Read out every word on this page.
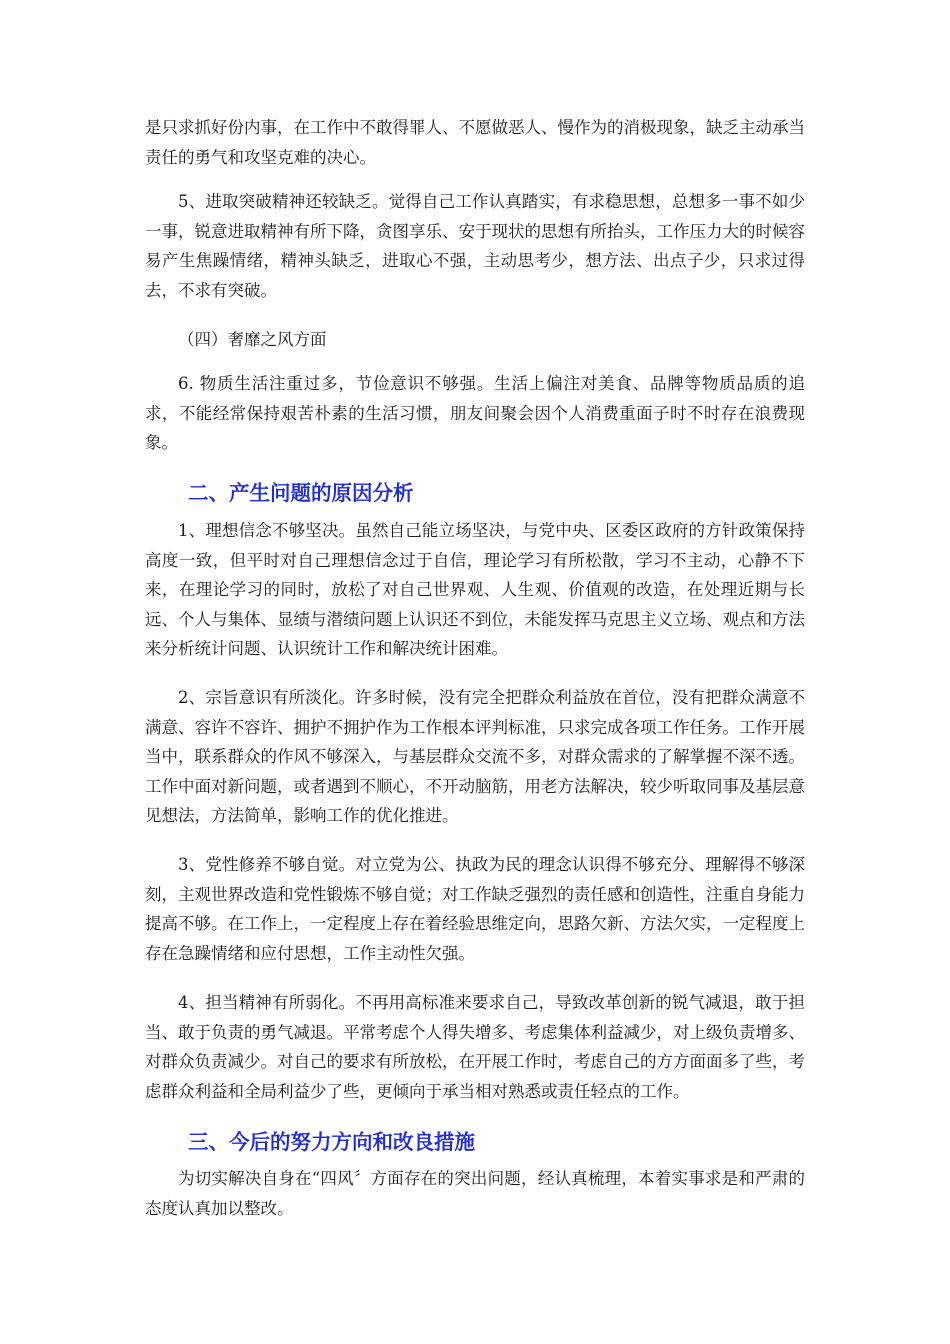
是只求抓好份内事，在工作中不敢得罪人、不愿做恶人、慢作为的消极现象，缺乏主动承当责任的勇气和攻坚克难的决心。

5、进取突破精神还较缺乏。觉得自己工作认真踏实，有求稳思想，总想多一事不如少一事，锐意进取精神有所下降，贪图享乐、安于现状的思想有所抬头，工作压力大的时候容易产生焦躁情绪，精神头缺乏，进取心不强，主动思考少，想方法、出点子少，只求过得去，不求有突破。

（四）奢靡之风方面

6. 物质生活注重过多，节俭意识不够强。生活上偏注对美食、品牌等物质品质的追求，不能经常保持艰苦朴素的生活习惯，朋友间聚会因个人消费重面子时不时存在浪费现象。

二、产生问题的原因分析

1、理想信念不够坚决。虽然自己能立场坚决，与党中央、区委区政府的方针政策保持高度一致，但平时对自己理想信念过于自信，理论学习有所松散，学习不主动，心静不下来，在理论学习的同时，放松了对自己世界观、人生观、价值观的改造，在处理近期与长远、个人与集体、显绩与潜绩问题上认识还不到位，未能发挥马克思主义立场、观点和方法来分析统计问题、认识统计工作和解决统计困难。

2、宗旨意识有所淡化。许多时候，没有完全把群众利益放在首位，没有把群众满意不满意、容许不容许、拥护不拥护作为工作根本评判标准，只求完成各项工作任务。工作开展当中，联系群众的作风不够深入，与基层群众交流不多，对群众需求的了解掌握不深不透。工作中面对新问题，或者遇到不顺心，不开动脑筋，用老方法解决，较少听取同事及基层意见想法，方法简单，影响工作的优化推进。

3、党性修养不够自觉。对立党为公、执政为民的理念认识得不够充分、理解得不够深刻，主观世界改造和党性锻炼不够自觉；对工作缺乏强烈的责任感和创造性，注重自身能力提高不够。在工作上，一定程度上存在着经验思维定向，思路欠新、方法欠实，一定程度上存在急躁情绪和应付思想，工作主动性欠强。

4、担当精神有所弱化。不再用高标准来要求自己，导致改革创新的锐气减退，敢于担当、敢于负责的勇气减退。平常考虑个人得失增多、考虑集体利益减少，对上级负责增多、对群众负责减少。对自己的要求有所放松，在开展工作时，考虑自己的方方面面多了些，考虑群众利益和全局利益少了些，更倾向于承当相对熟悉或责任轻点的工作。

三、今后的努力方向和改良措施

为切实解决自身在“四风〞方面存在的突出问题，经认真梳理，本着实事求是和严肃的态度认真加以整改。
